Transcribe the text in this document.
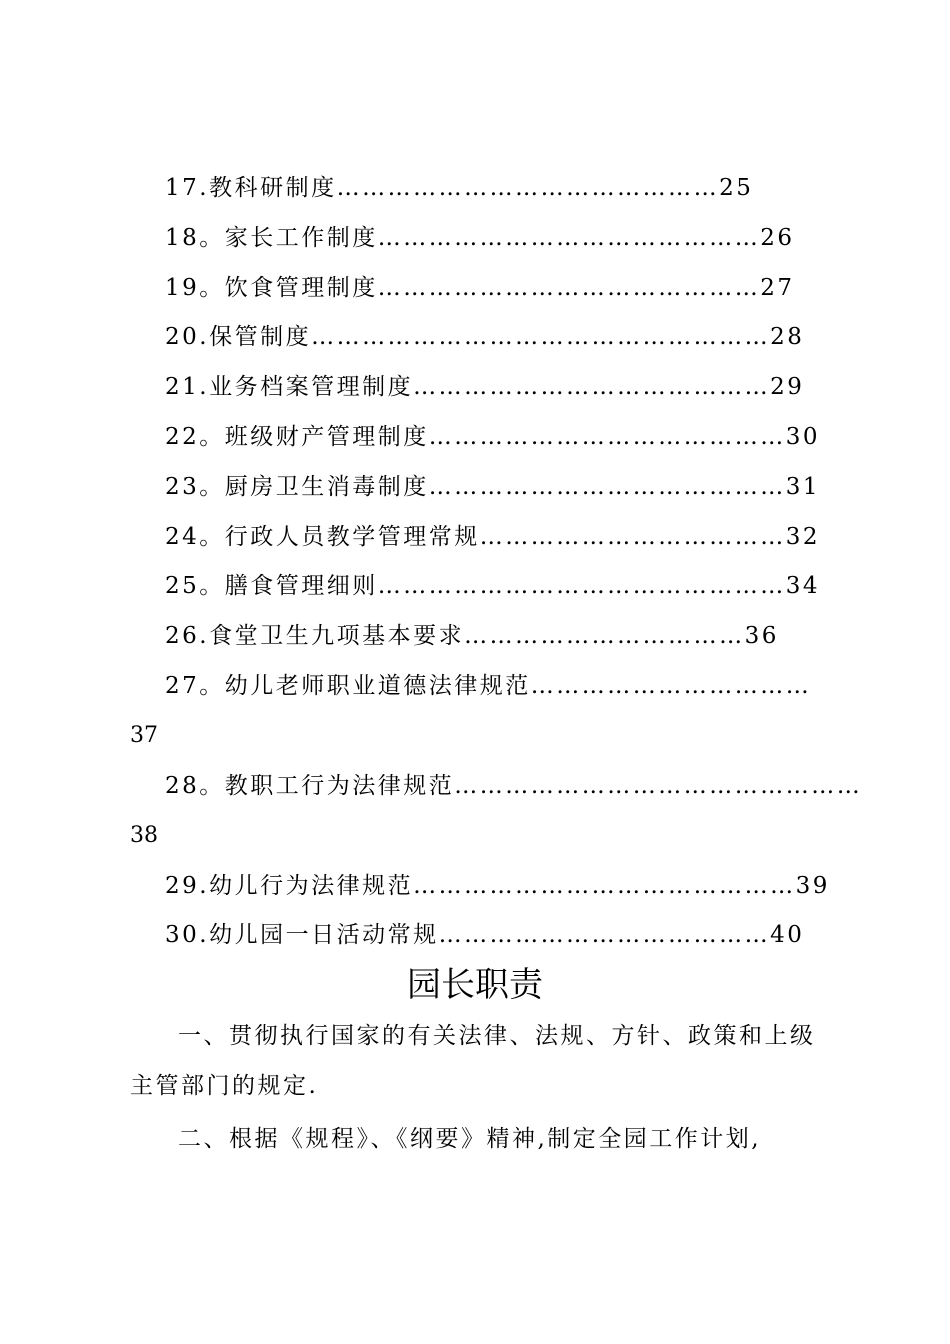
17.教科研制度………………………………………25
18。家长工作制度………………………………………26
19。饮食管理制度………………………………………27
20.保管制度………………………………………………28
21.业务档案管理制度……………………………………29
22。班级财产管理制度……………………………………30
23。厨房卫生消毒制度……………………………………31
24。行政人员教学管理常规………………………………32
25。膳食管理细则…………………………………………34
26.食堂卫生九项基本要求……………………………36
27。幼儿老师职业道德法律规范……………………………
37
28。教职工行为法律规范…………………………………………
38
29.幼儿行为法律规范………………………………………39
30.幼儿园一日活动常规…………………………………40
园长职责
一、贯彻执行国家的有关法律、法规、方针、政策和上级
主管部门的规定.
二、根据《规程》、《纲要》精神,制定全园工作计划,
